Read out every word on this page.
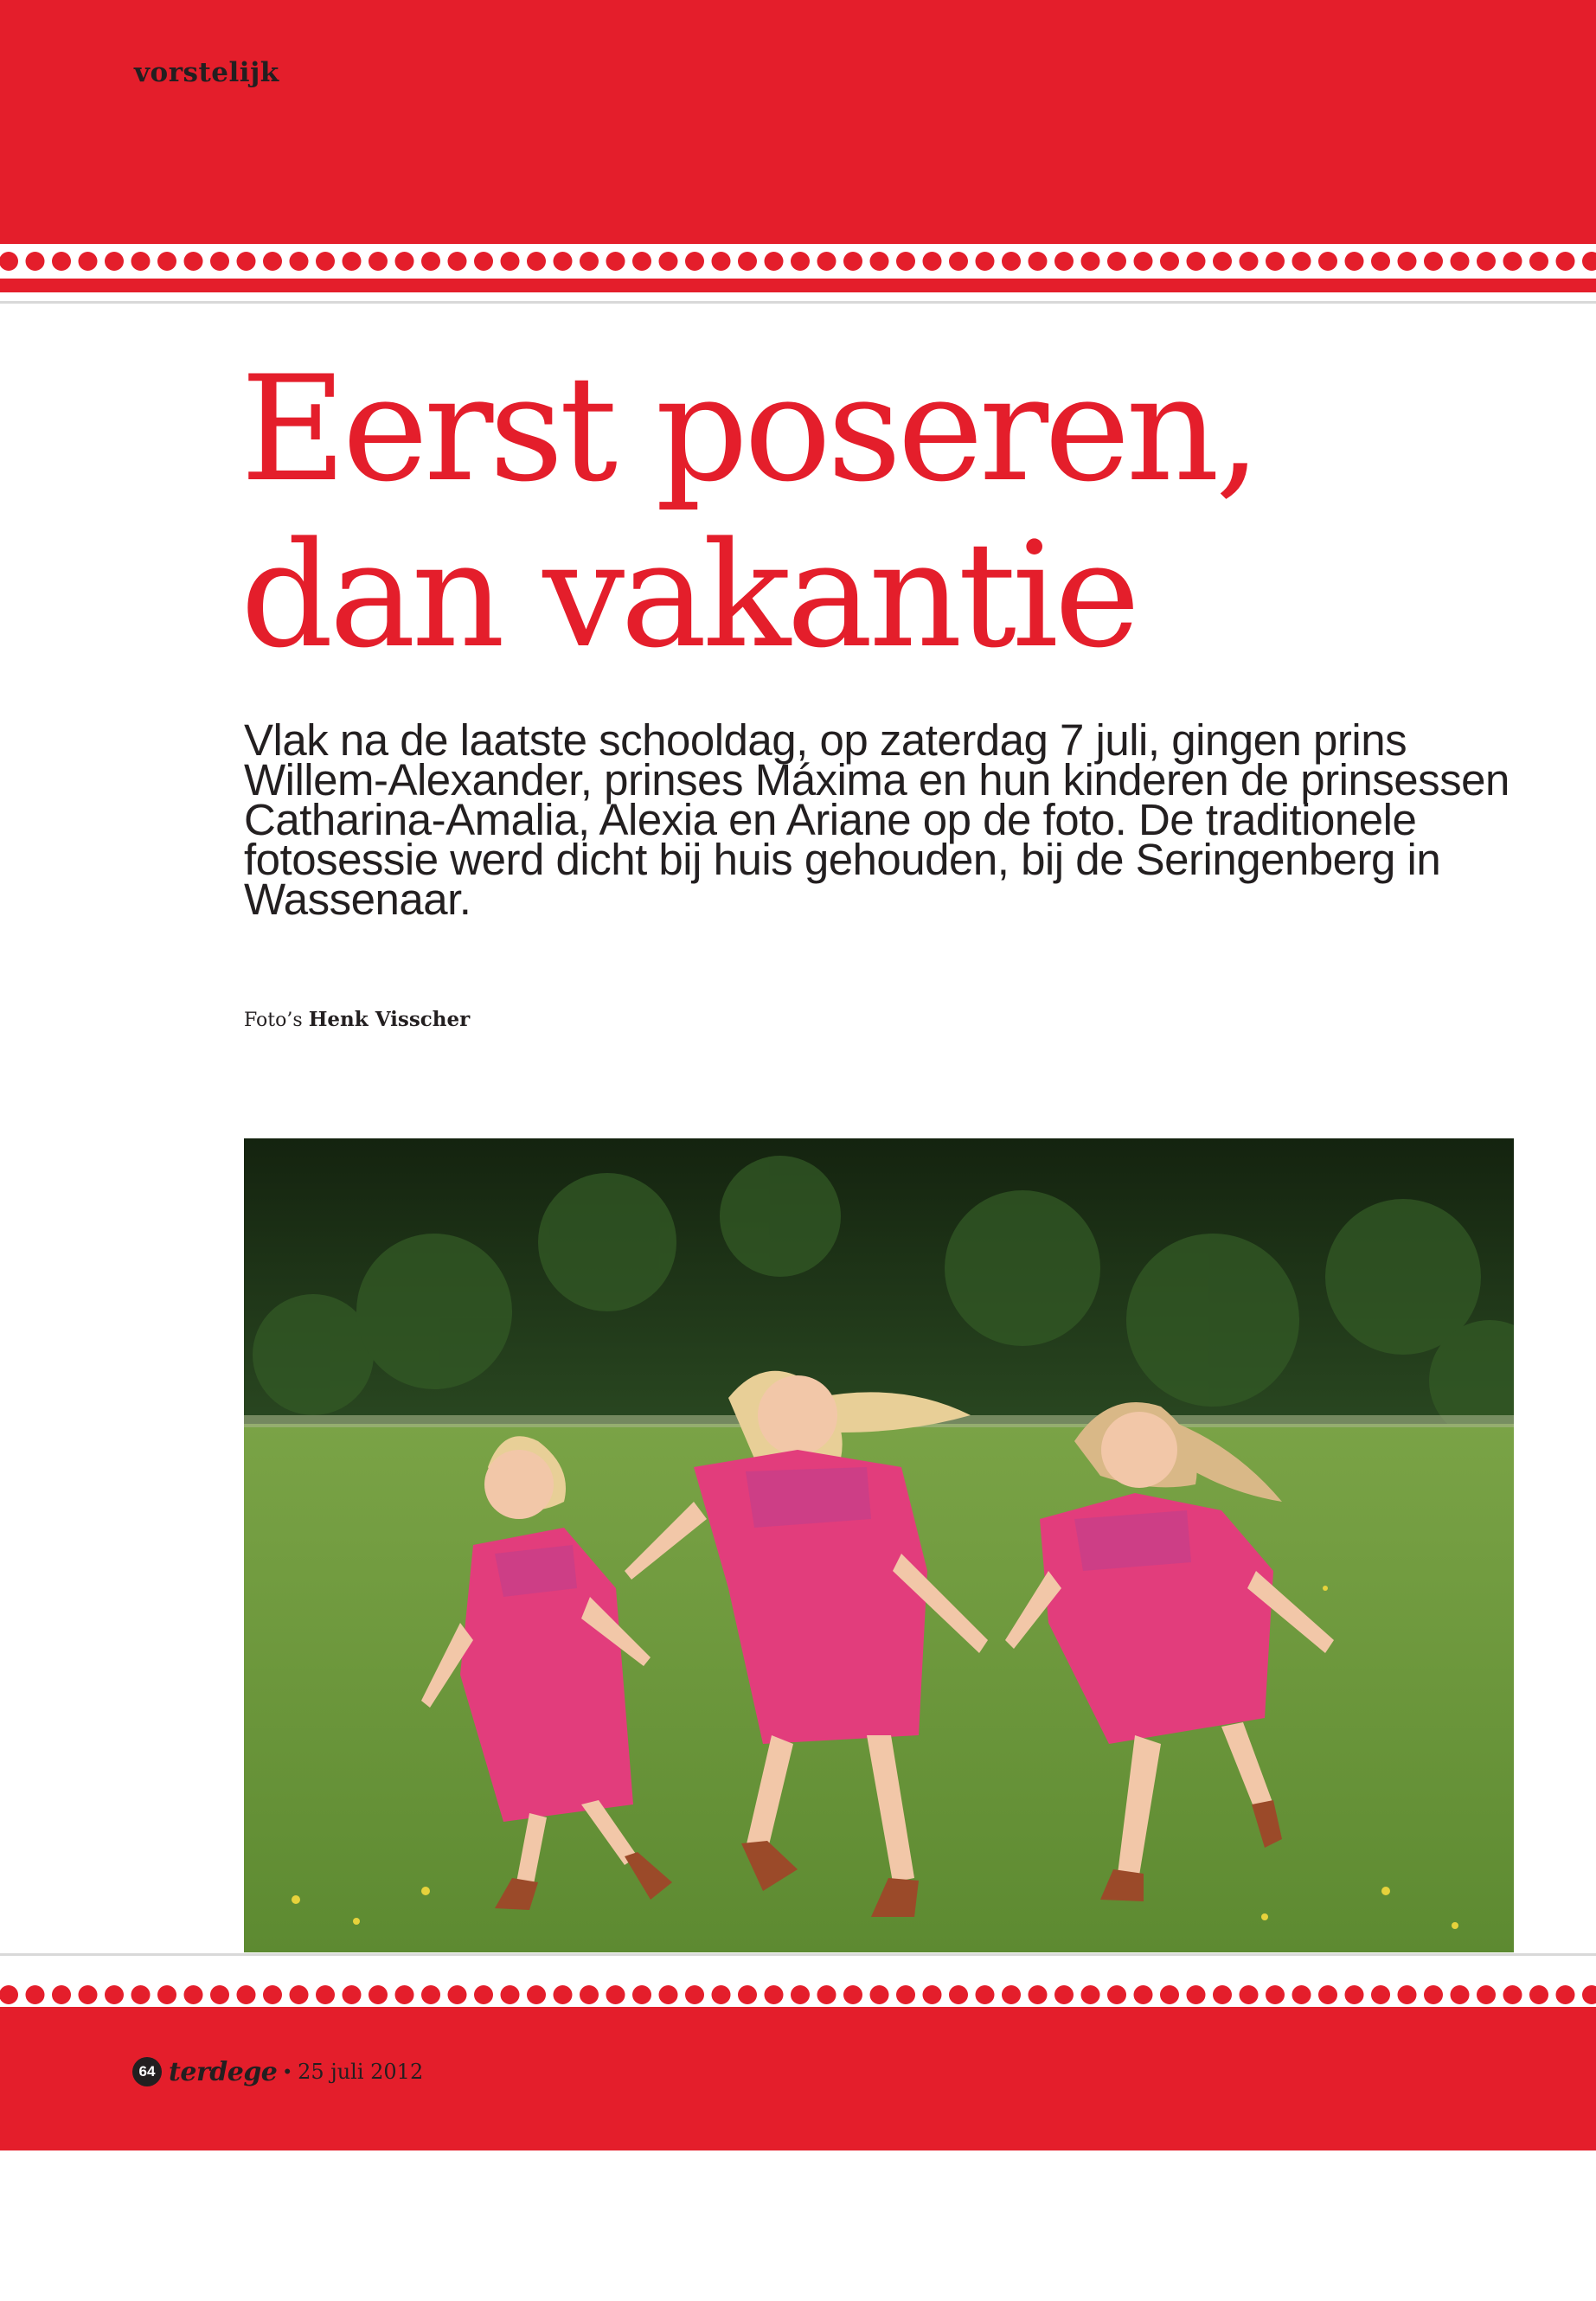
vorstelijk

Eerst poseren,
dan vakantie

Vlak na de laatste schooldag, op zaterdag 7 juli, gingen prins Willem-Alexander, prinses Máxima en hun kinderen de prinsessen Catharina-Amalia, Alexia en Ariane op de foto. De traditionele fotosessie werd dicht bij huis gehouden, bij de Seringenberg in Wassenaar.

Foto’s Henk Visscher

64 terdege • 25 juli 2012
